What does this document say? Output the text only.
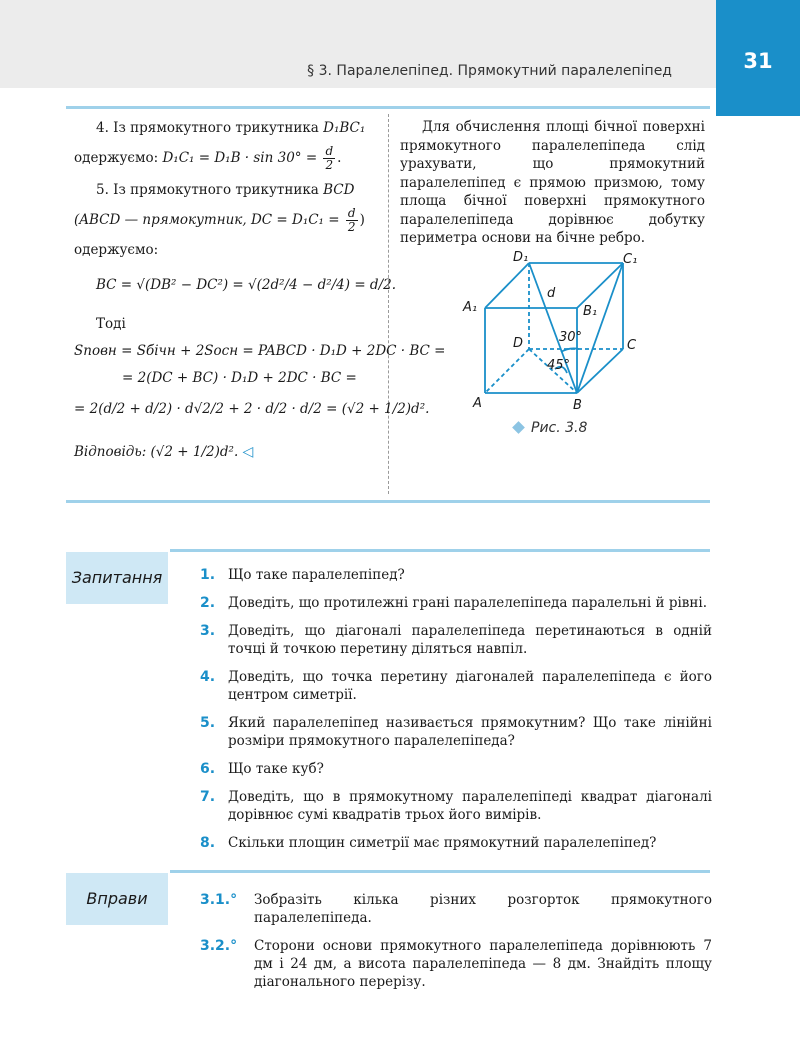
§ 3. Паралелепіпед. Прямокутний паралелепіпед	31
4. Із прямокутного трикутника D₁BC₁
одержуємо: $D_1C_1 = D_1B \cdot \sin 30^\circ = \frac{d}{2}$ .
5. Із прямокутного трикутника BCD
(ABCD — прямокутник, DC = $D_1C_1 = \frac{d}{2}$ )
одержуємо:
BC = √(DB² − DC²) = √(2d²/4 − d²/4) = d/2.
Тоді
Sповн = Sбічн + 2Sосн = PABCD · D₁D + 2DC · BC =
= 2(DC + BC) · D₁D + 2DC · BC =
= 2(d/2 + d/2) · d√2/2 + 2 · d/2 · d/2 = (√2 + 1/2)d².
Відповідь: (√2 + 1/2)d². ◁
Для обчислення площі бічної поверхні прямокутного паралелепіпеда слід урахувати, що прямокутний паралелепіпед є прямою призмою, тому площа бічної поверхні прямокутного паралелепіпеда дорівнює добутку периметра основи на бічне ребро.
D₁	C₁
A₁	B₁
D	C
A	B
d
30°
45°
Рис. 3.8
Запитання	1. Що таке паралелепіпед?
2. Доведіть, що протилежні грані паралелепіпеда паралельні й рівні.
3. Доведіть, що діагоналі паралелепіпеда перетинаються в одній точці й точкою перетину діляться навпіл.
4. Доведіть, що точка перетину діагоналей паралелепіпеда є його центром симетрії.
5. Який паралелепіпед називається прямокутним? Що таке лінійні розміри прямокутного паралелепіпеда?
6. Що таке куб?
7. Доведіть, що в прямокутному паралелепіпеді квадрат діагоналі дорівнює сумі квадратів трьох його вимірів.
8. Скільки площин симетрії має прямокутний паралелепіпед?
Вправи	3.1.°	Зобразіть кілька різних розгорток прямокутного паралелепіпеда.
3.2.°	Сторони основи прямокутного паралелепіпеда дорівнюють 7 дм і 24 дм, а висота паралелепіпеда — 8 дм. Знайдіть площу діагонального перерізу.
